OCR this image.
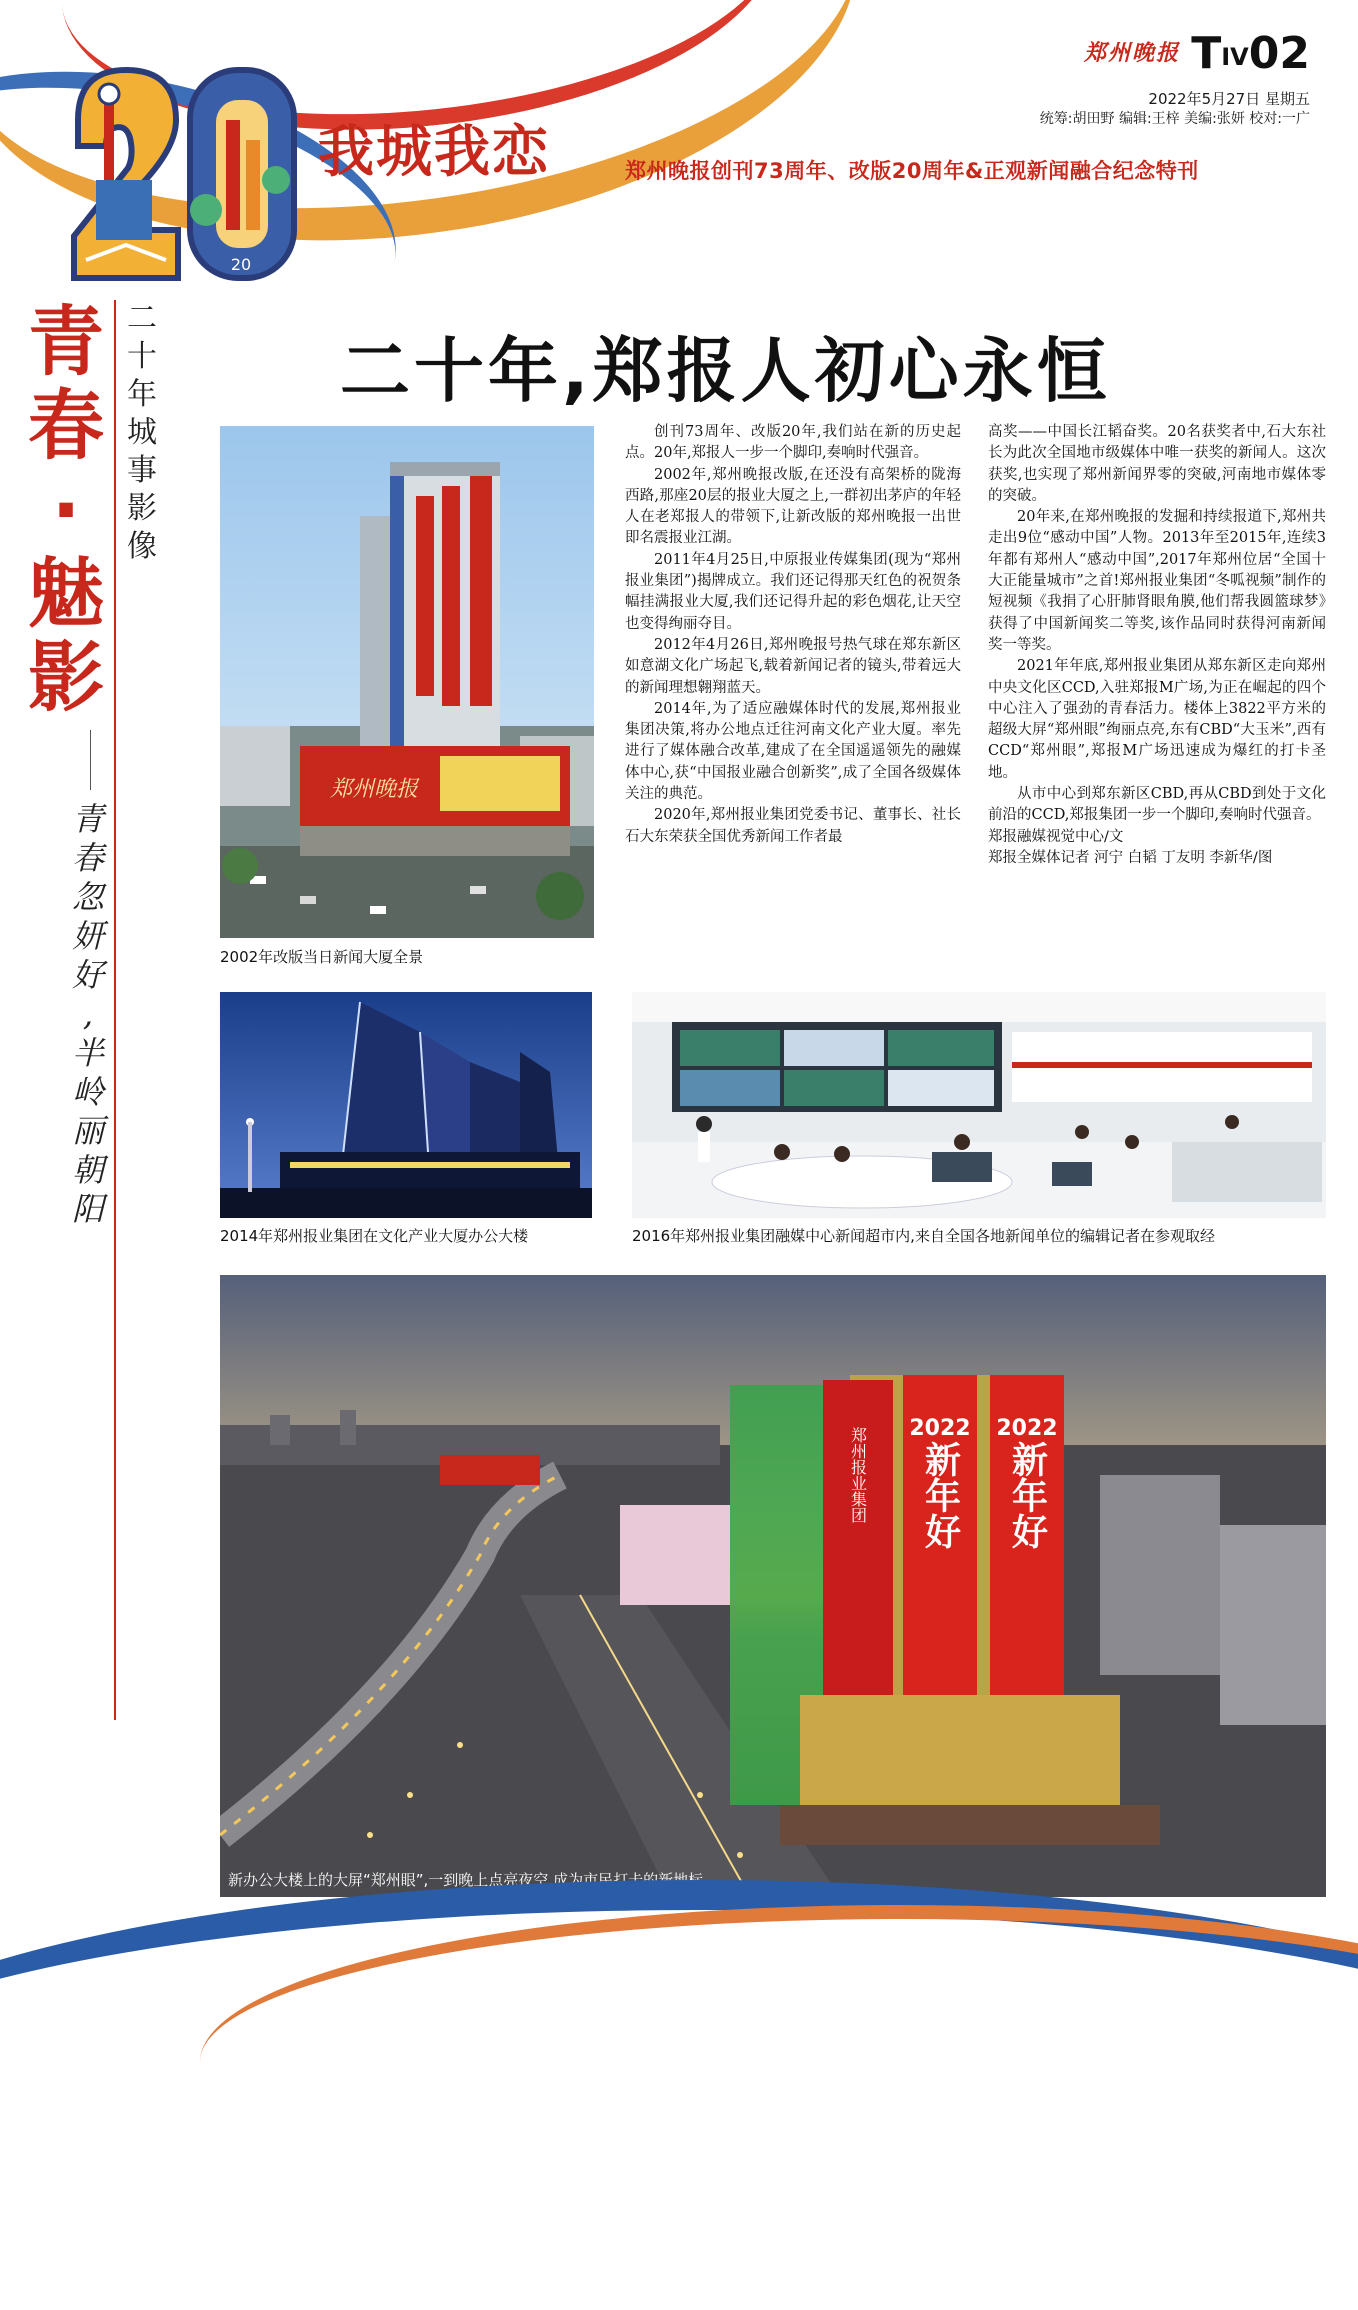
20
我城我恋	郑州晚报创刊73周年、改版20周年&正观新闻融合纪念特刊
郑州晚报 TIV02
2022年5月27日 星期五
统筹:胡田野 编辑:王梓 美编:张妍 校对:一广
青
春
·
魅
影
二
十
年
城
事
影
像
青
春
忽
妍
好
,
半
岭
丽
朝
阳
二十年,郑报人初心永恒
郑州晚报
2002年改版当日新闻大厦全景

创刊73周年、改版20年,我们站在新的历史起点。20年,郑报人一步一个脚印,奏响时代强音。

2002年,郑州晚报改版,在还没有高架桥的陇海西路,那座20层的报业大厦之上,一群初出茅庐的年轻人在老郑报人的带领下,让新改版的郑州晚报一出世即名震报业江湖。

2011年4月25日,中原报业传媒集团(现为“郑州报业集团”)揭牌成立。我们还记得那天红色的祝贺条幅挂满报业大厦,我们还记得升起的彩色烟花,让天空也变得绚丽夺目。

2012年4月26日,郑州晚报号热气球在郑东新区如意湖文化广场起飞,载着新闻记者的镜头,带着远大的新闻理想翱翔蓝天。

2014年,为了适应融媒体时代的发展,郑州报业集团决策,将办公地点迁往河南文化产业大厦。率先进行了媒体融合改革,建成了在全国遥遥领先的融媒体中心,获“中国报业融合创新奖”,成了全国各级媒体关注的典范。

2020年,郑州报业集团党委书记、董事长、社长石大东荣获全国优秀新闻工作者最

高奖——中国长江韬奋奖。20名获奖者中,石大东社长为此次全国地市级媒体中唯一获奖的新闻人。这次获奖,也实现了郑州新闻界零的突破,河南地市媒体零的突破。

20年来,在郑州晚报的发掘和持续报道下,郑州共走出9位“感动中国”人物。2013年至2015年,连续3年都有郑州人“感动中国”,2017年郑州位居“全国十大正能量城市”之首!郑州报业集团“冬呱视频”制作的短视频《我捐了心肝肺肾眼角膜,他们帮我圆篮球梦》获得了中国新闻奖二等奖,该作品同时获得河南新闻奖一等奖。

2021年年底,郑州报业集团从郑东新区走向郑州中央文化区CCD,入驻郑报M广场,为正在崛起的四个中心注入了强劲的青春活力。楼体上3822平方米的超级大屏“郑州眼”绚丽点亮,东有CBD“大玉米”,西有CCD“郑州眼”,郑报M广场迅速成为爆红的打卡圣地。

从市中心到郑东新区CBD,再从CBD到处于文化前沿的CCD,郑报集团一步一个脚印,奏响时代强音。

郑报融媒视觉中心/文

郑报全媒体记者 河宁 白韬 丁友明 李新华/图

2014年郑州报业集团在文化产业大厦办公大楼	2016年郑州报业集团融媒中心新闻超市内,来自全国各地新闻单位的编辑记者在参观取经
2022 2022
新年好 新年好
郑州报业集团
新办公大楼上的大屏“郑州眼”,一到晚上点亮夜空,成为市民打卡的新地标
